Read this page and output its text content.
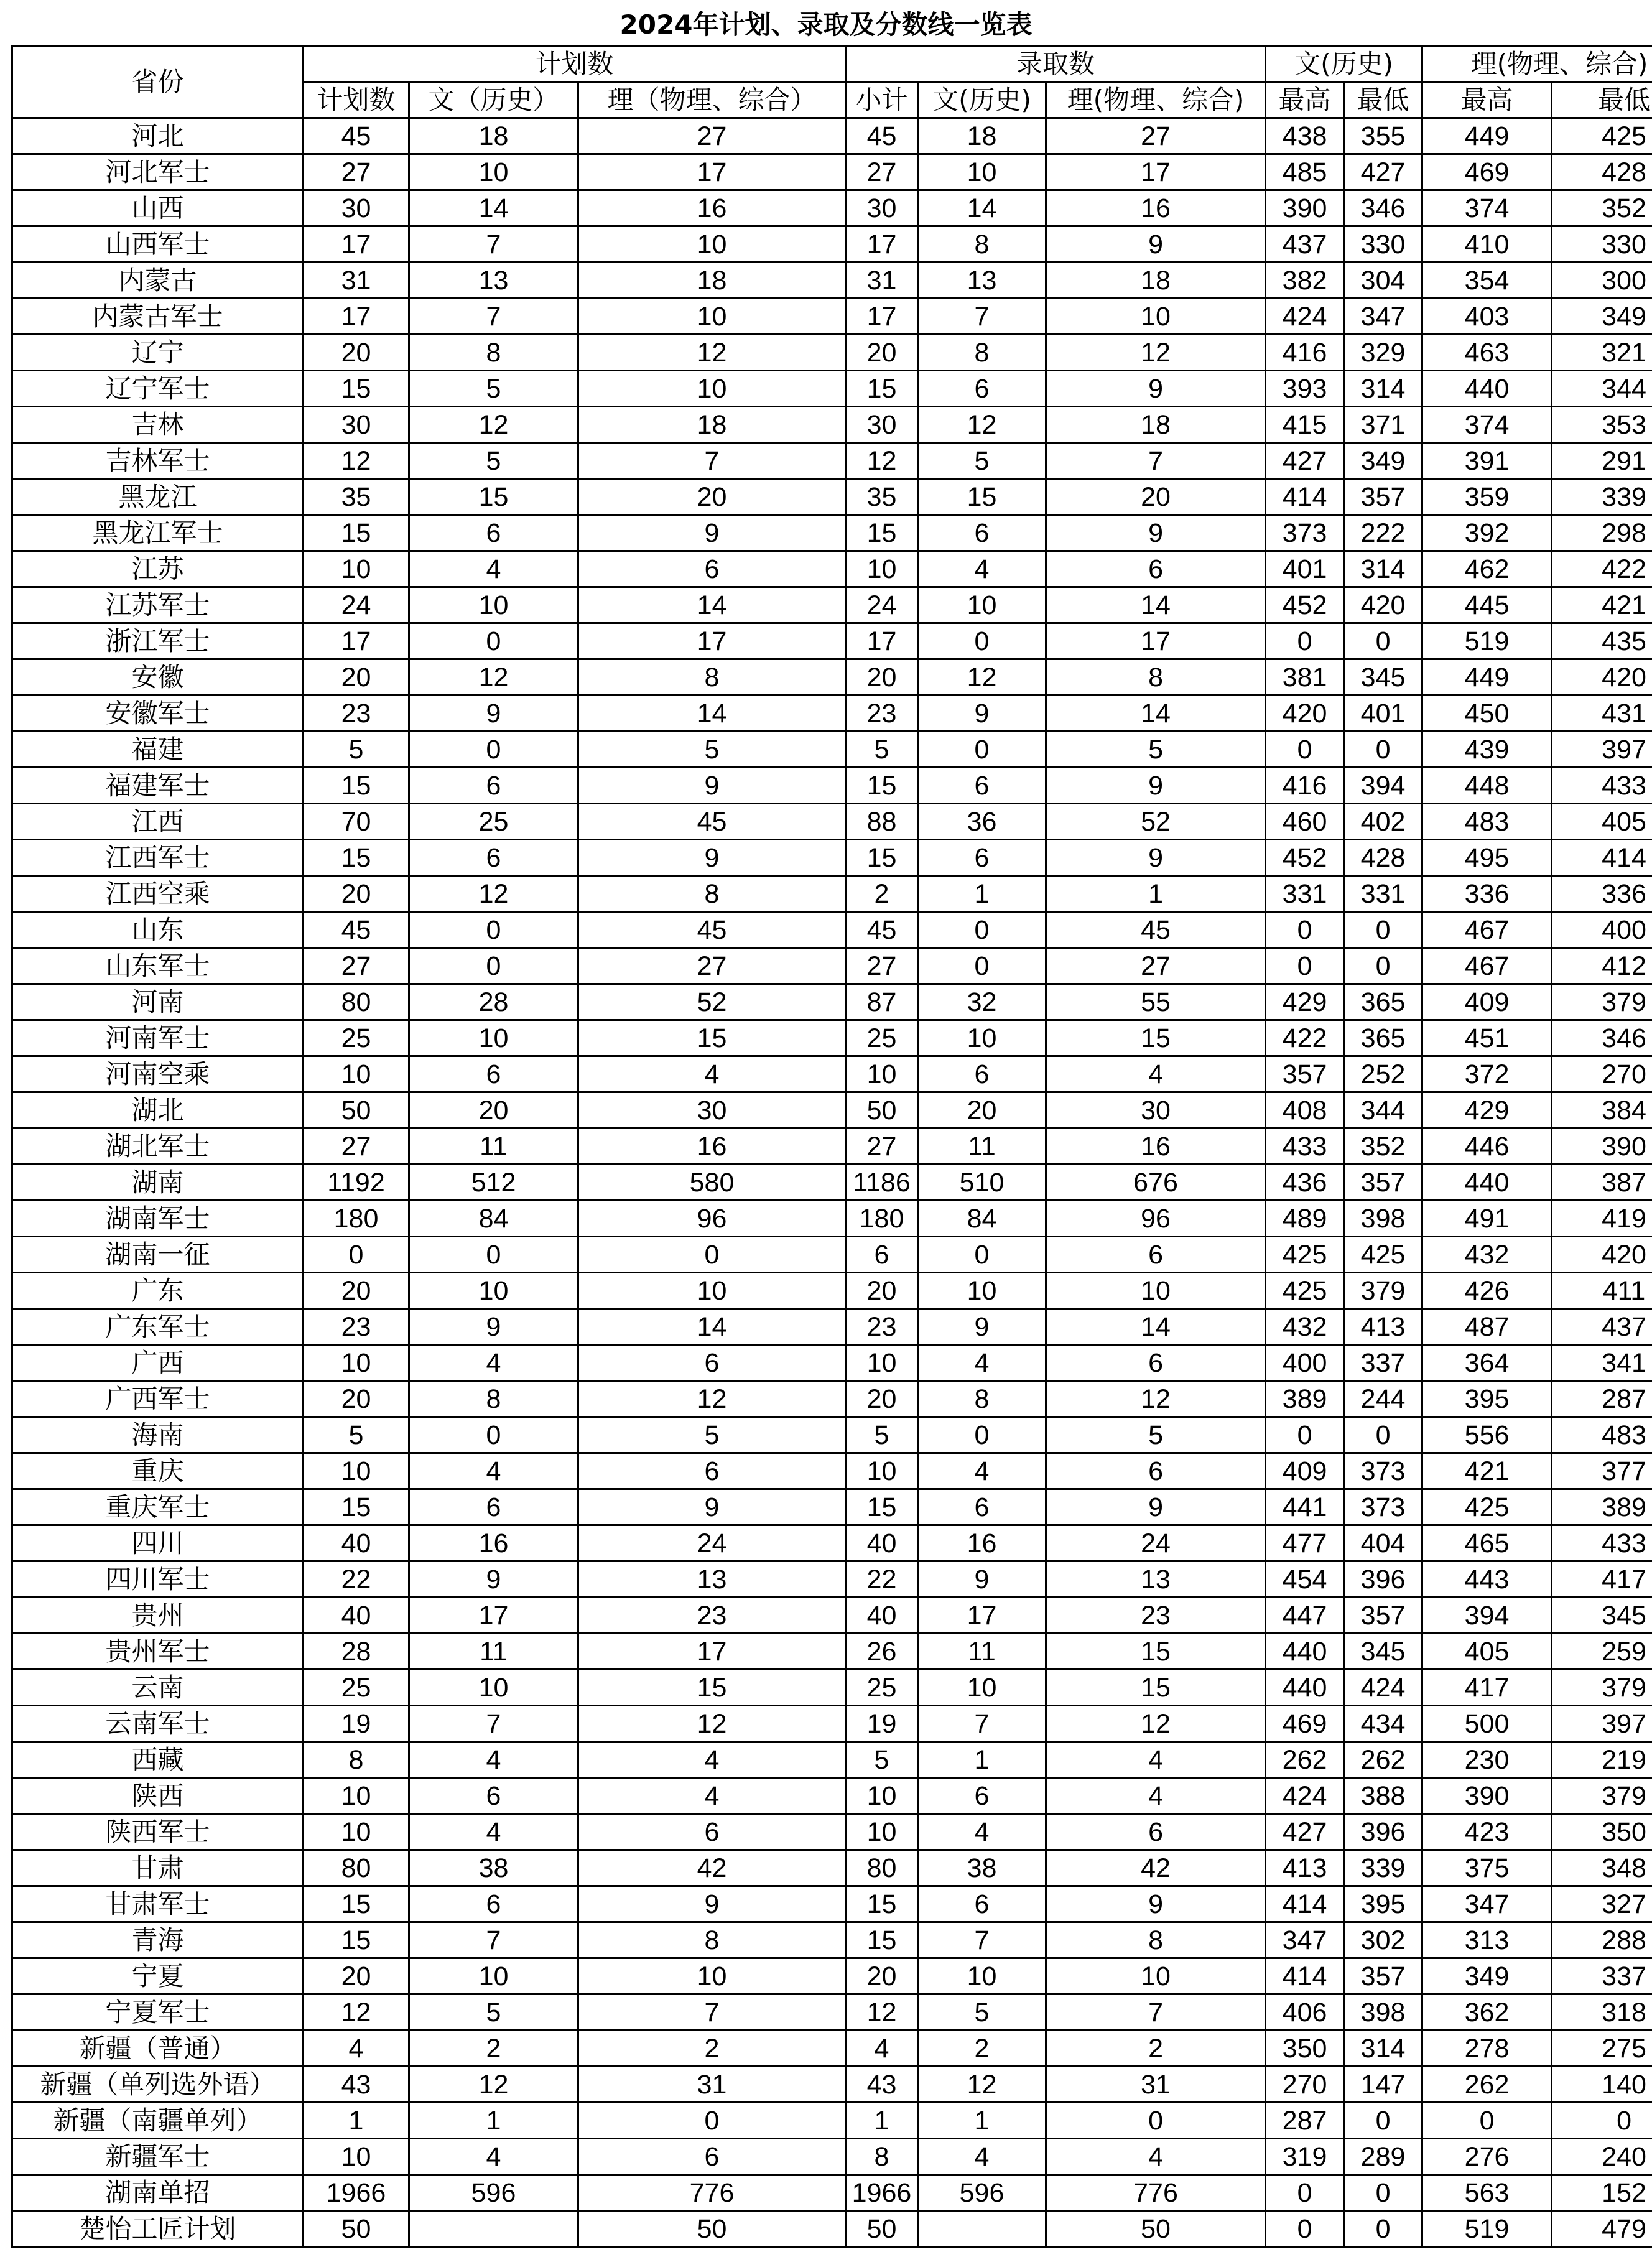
2024年计划、录取及分数线一览表
省份	计划数			录取数			文(历史)		理(物理、综合)	
	计划数	文（历史）	理（物理、综合）	小计	文(历史)	理(物理、综合)	最高	最低	最高	最低
河北	45	18	27	45	18	27	438	355	449	425
河北军士	27	10	17	27	10	17	485	427	469	428
山西	30	14	16	30	14	16	390	346	374	352
山西军士	17	7	10	17	8	9	437	330	410	330
内蒙古	31	13	18	31	13	18	382	304	354	300
内蒙古军士	17	7	10	17	7	10	424	347	403	349
辽宁	20	8	12	20	8	12	416	329	463	321
辽宁军士	15	5	10	15	6	9	393	314	440	344
吉林	30	12	18	30	12	18	415	371	374	353
吉林军士	12	5	7	12	5	7	427	349	391	291
黑龙江	35	15	20	35	15	20	414	357	359	339
黑龙江军士	15	6	9	15	6	9	373	222	392	298
江苏	10	4	6	10	4	6	401	314	462	422
江苏军士	24	10	14	24	10	14	452	420	445	421
浙江军士	17	0	17	17	0	17	0	0	519	435
安徽	20	12	8	20	12	8	381	345	449	420
安徽军士	23	9	14	23	9	14	420	401	450	431
福建	5	0	5	5	0	5	0	0	439	397
福建军士	15	6	9	15	6	9	416	394	448	433
江西	70	25	45	88	36	52	460	402	483	405
江西军士	15	6	9	15	6	9	452	428	495	414
江西空乘	20	12	8	2	1	1	331	331	336	336
山东	45	0	45	45	0	45	0	0	467	400
山东军士	27	0	27	27	0	27	0	0	467	412
河南	80	28	52	87	32	55	429	365	409	379
河南军士	25	10	15	25	10	15	422	365	451	346
河南空乘	10	6	4	10	6	4	357	252	372	270
湖北	50	20	30	50	20	30	408	344	429	384
湖北军士	27	11	16	27	11	16	433	352	446	390
湖南	1192	512	580	1186	510	676	436	357	440	387
湖南军士	180	84	96	180	84	96	489	398	491	419
湖南一征	0	0	0	6	0	6	425	425	432	420
广东	20	10	10	20	10	10	425	379	426	411
广东军士	23	9	14	23	9	14	432	413	487	437
广西	10	4	6	10	4	6	400	337	364	341
广西军士	20	8	12	20	8	12	389	244	395	287
海南	5	0	5	5	0	5	0	0	556	483
重庆	10	4	6	10	4	6	409	373	421	377
重庆军士	15	6	9	15	6	9	441	373	425	389
四川	40	16	24	40	16	24	477	404	465	433
四川军士	22	9	13	22	9	13	454	396	443	417
贵州	40	17	23	40	17	23	447	357	394	345
贵州军士	28	11	17	26	11	15	440	345	405	259
云南	25	10	15	25	10	15	440	424	417	379
云南军士	19	7	12	19	7	12	469	434	500	397
西藏	8	4	4	5	1	4	262	262	230	219
陕西	10	6	4	10	6	4	424	388	390	379
陕西军士	10	4	6	10	4	6	427	396	423	350
甘肃	80	38	42	80	38	42	413	339	375	348
甘肃军士	15	6	9	15	6	9	414	395	347	327
青海	15	7	8	15	7	8	347	302	313	288
宁夏	20	10	10	20	10	10	414	357	349	337
宁夏军士	12	5	7	12	5	7	406	398	362	318
新疆（普通）	4	2	2	4	2	2	350	314	278	275
新疆（单列选外语）	43	12	31	43	12	31	270	147	262	140
新疆（南疆单列）	1	1	0	1	1	0	287	0	0	0
新疆军士	10	4	6	8	4	4	319	289	276	240
湖南单招	1966	596	776	1966	596	776	0	0	563	152
楚怡工匠计划	50		50	50		50	0	0	519	479
